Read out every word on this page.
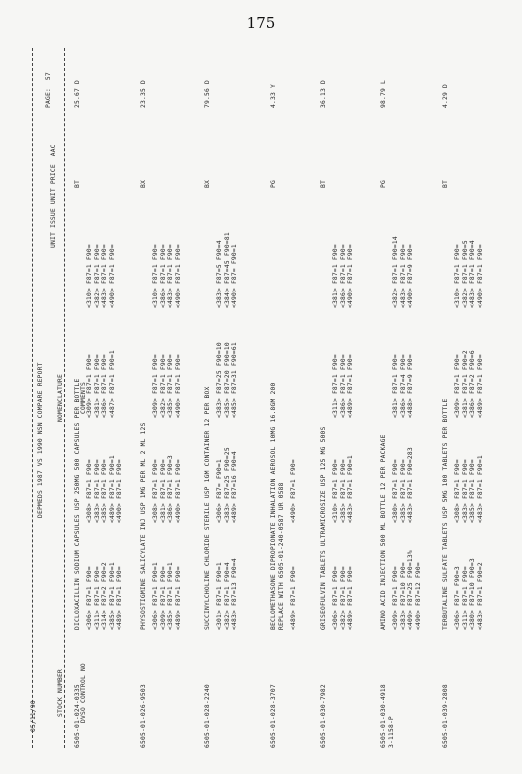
175

05/11/90

DEPMEDS 1987 VS 1990 NSN COMPARE REPORT

PAGE:  57

STOCK NUMBER

	DVSO CONTROL NO

NOMENCLATURE

	COMMENTS

UNIT ISSUE UNIT PRICE  AAC
6505-01-024-0335
DICLOXACILLIN SODIUM CAPSULES USP 250MG 500 CAPSULES PER BOTTLE
BT
25.67 D
<306> F87=1 F90= <311> F87=1 F90= <314> F87=2 F90=2 <385> F87=1 F90=1 <489> F87=1 F90=
<308> F87=1 F90= <383> F87=1 F90= <385> F87=1 F90= <489> F87=1 F90=1 <490> F87=1 F90=
<309> F87=1 F90= <381> F87=1 F90= <386> F87=1 F90= <487> F87=1 F90=1
<310> F87=1 F90= <382> F87=1 F90= <483> F87=1 F90= <490> F87=1 F90=
6505-01-026-9503
PHYSOSTIGMINE SALICYLATE INJ USP 1MG PER ML 2 ML 12S
BX
23.35 D
<306> F87=1 F90=1 <309> F87=1 F90= <385> F87=1 F90=1 <489> F87=1 F90=
<308> F87=1 F90= <381> F87=1 F90= <386> F87=1 F90=3 <490> F87=1 F90=
<309> F87=1 F90= <382> F87=1 F90= <385> F87=1 F90= <490> F87=1 F90=
<310> F87=1 F90= <386> F87=1 F90= <483> F87=1 F90= <490> F87=1 F90=
6505-01-028-2240
SUCCINYLCHOLINE CHLORIDE STERILE USP 1GM CONTAINER 12 PER BOX
BX
79.56 D
<301> F87=1 F90=1 <382> F87=1 F90=4 <483> F87=13 F90=4
<306> F87= F90=1 <383> F87=25 F90=25 <489> F87=16 F90=4
<383> F87=25 F90=10 <385> F87=20 F90=10 <485> F87=31 F90=61
<383> F87=5 F90=4 <384> F87=45 F90=81 <490> F87= F90=1
6505-01-028-3707
BECLOMETHASONE DIPROPIONATE INHALATION AEROSOL 10MG 16.8GM 200
PG
4.33 Y
REPLACE WITH 6505-01-240-0587 UR 0588 <489> F87=1 F90=
<490> F87=1 F90=
6505-01-030-7982
GRISEOFULVIN TABLETS ULTRAMICROSIZE USP 125 MG 500S
BT
36.13 D
<306> F87=1 F90= <382> F87=1 F90= <489> F87=1 F90=
<310> F87=1 F90= <385> F87=1 F90= <483> F87=1 F90=1
<311> F87=1 F90= <386> F87=1 F90= <489> F87=1 F90=
<381> F87=1 F90= <386> F87=1 F90= <490> F87=1 F90=
6505-01-030-4918 3-1158-P
AMINO ACID INJECTION 500 ML BOTTLE 12 PER PACKAGE
PG
98.79 L
<309> F87=1 F90= <383> F87=10 F90= <409> F87=25 F90=13% <490> F87=12 F90=
<380> F87=1 F90= <385> F87=1 F90= <483> F87=1 F90=283
<381> F87=1 F90= <386> F87=4 F90= <488> F87=9 F90=
<382> F87=1 F90=14 <483> F87=1 F90= <490> F87=9 F90=
6505-01-039-2808
TERBUTALINE SULFATE TABLETS USP 5MG 100 TABLETS PER BOTTLE
BT
4.29 D
<306> F87= F90=3 <311> F87=1 F90= <380> F87=10 F90=3 <483> F87=1 F90=2
<308> F87=1 F90= <383> F87=1 F90= <385> F87=1 F90= <483> F87=1 F90=1
<309> F87=1 F90= <381> F87=1 F90=2 <386> F87=2 F90=6 <489> F87=1 F90=
<310> F87=1 F90= <382> F87=1 F90=5 <483> F87=1 F90=4 <490> F87=1 F90=
